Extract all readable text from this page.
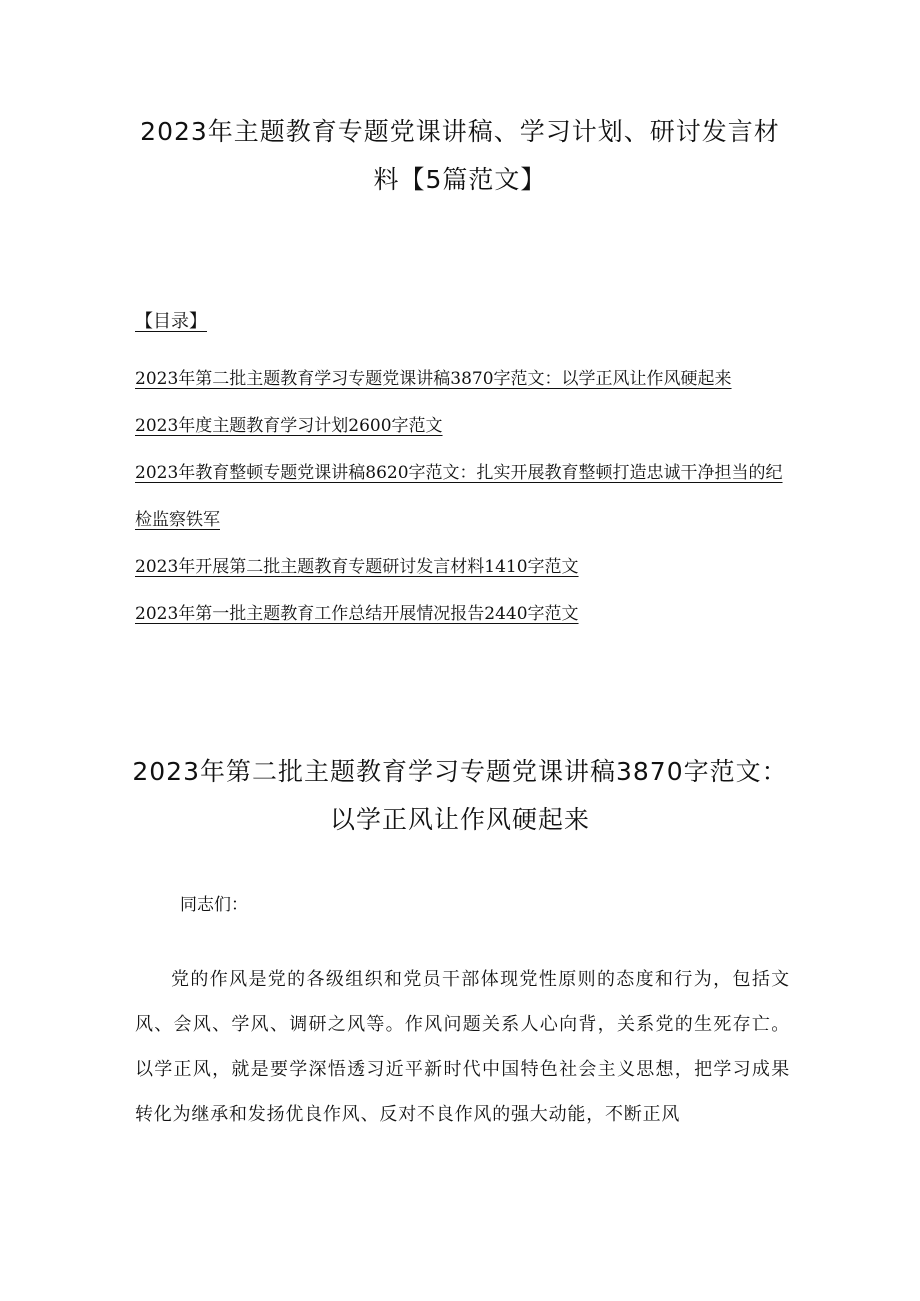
2023年主题教育专题党课讲稿、学习计划、研讨发言材料【5篇范文】
【目录】
2023年第二批主题教育学习专题党课讲稿3870字范文：以学正风让作风硬起来
2023年度主题教育学习计划2600字范文
2023年教育整顿专题党课讲稿8620字范文：扎实开展教育整顿打造忠诚干净担当的纪检监察铁军
2023年开展第二批主题教育专题研讨发言材料1410字范文
2023年第一批主题教育工作总结开展情况报告2440字范文
2023年第二批主题教育学习专题党课讲稿3870字范文：以学正风让作风硬起来
同志们：

党的作风是党的各级组织和党员干部体现党性原则的态度和行为，包括文风、会风、学风、调研之风等。作风问题关系人心向背，关系党的生死存亡。以学正风，就是要学深悟透习近平新时代中国特色社会主义思想，把学习成果转化为继承和发扬优良作风、反对不良作风的强大动能，不断正风
